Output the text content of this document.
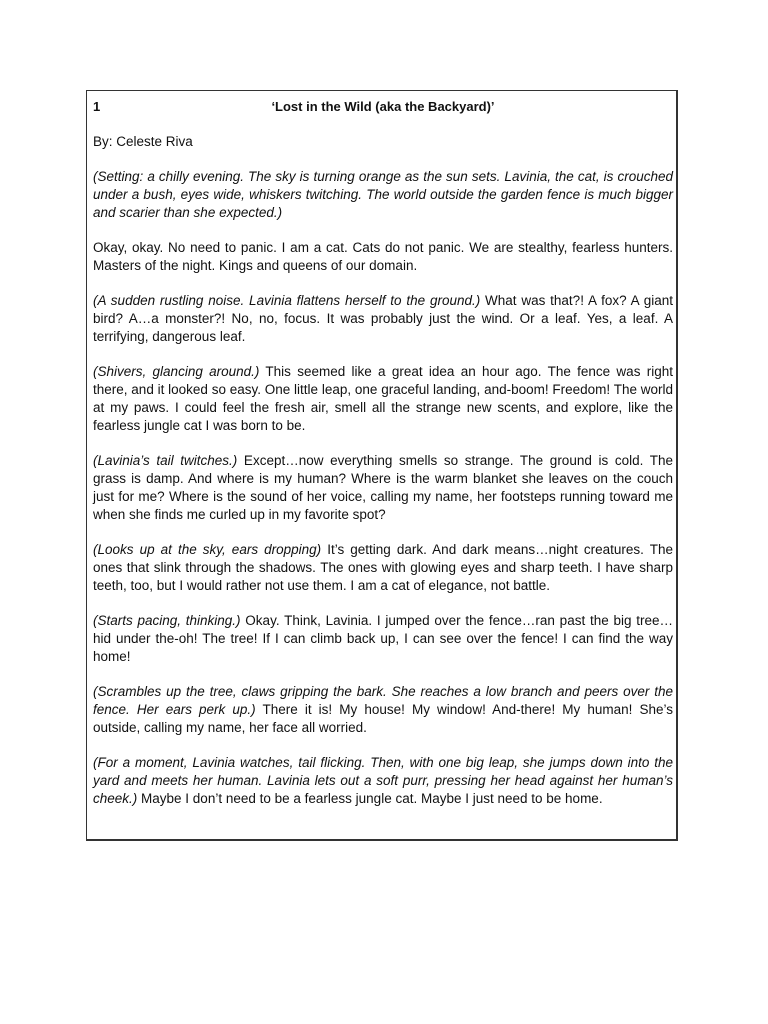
1	‘Lost in the Wild (aka the Backyard)’
By: Celeste Riva

(Setting: a chilly evening. The sky is turning orange as the sun sets. Lavinia, the cat, is crouched under a bush, eyes wide, whiskers twitching. The world outside the garden fence is much bigger and scarier than she expected.)

Okay, okay. No need to panic. I am a cat. Cats do not panic. We are stealthy, fearless hunters. Masters of the night. Kings and queens of our domain.

(A sudden rustling noise. Lavinia flattens herself to the ground.) What was that?! A fox? A giant bird? A…a monster?! No, no, focus. It was probably just the wind. Or a leaf. Yes, a leaf. A terrifying, dangerous leaf.

(Shivers, glancing around.) This seemed like a great idea an hour ago. The fence was right there, and it looked so easy. One little leap, one graceful landing, and-boom! Freedom! The world at my paws. I could feel the fresh air, smell all the strange new scents, and explore, like the fearless jungle cat I was born to be.

(Lavinia’s tail twitches.) Except…now everything smells so strange. The ground is cold. The grass is damp. And where is my human? Where is the warm blanket she leaves on the couch just for me? Where is the sound of her voice, calling my name, her footsteps running toward me when she finds me curled up in my favorite spot?

(Looks up at the sky, ears dropping) It’s getting dark. And dark means…night creatures. The ones that slink through the shadows. The ones with glowing eyes and sharp teeth. I have sharp teeth, too, but I would rather not use them. I am a cat of elegance, not battle.

(Starts pacing, thinking.) Okay. Think, Lavinia. I jumped over the fence…ran past the big tree…hid under the-oh! The tree! If I can climb back up, I can see over the fence! I can find the way home!

(Scrambles up the tree, claws gripping the bark. She reaches a low branch and peers over the fence. Her ears perk up.) There it is! My house! My window! And-there! My human! She’s outside, calling my name, her face all worried.

(For a moment, Lavinia watches, tail flicking. Then, with one big leap, she jumps down into the yard and meets her human. Lavinia lets out a soft purr, pressing her head against her human’s cheek.) Maybe I don’t need to be a fearless jungle cat. Maybe I just need to be home.
